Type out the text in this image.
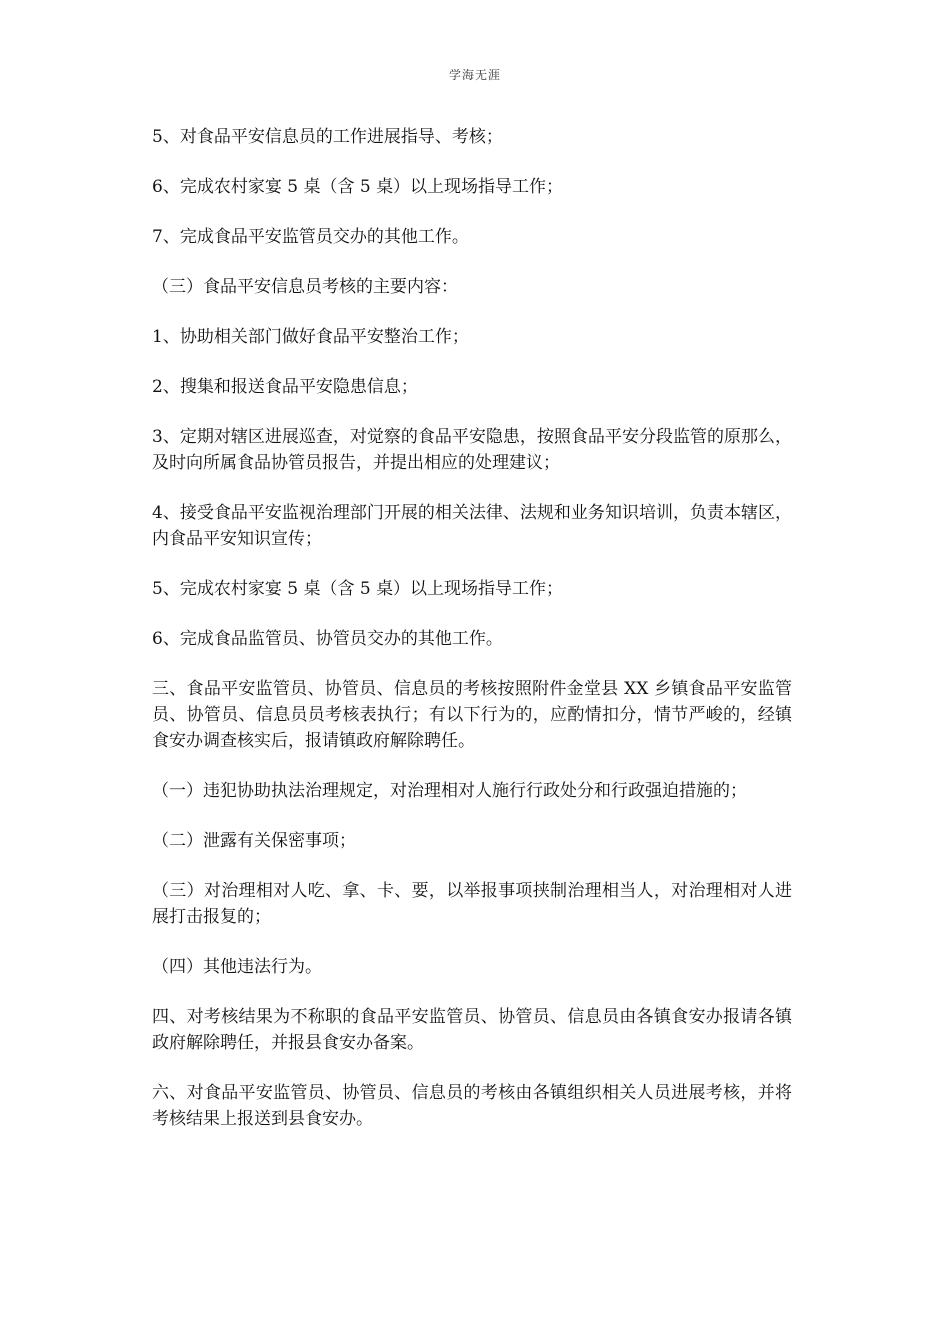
学海无涯

5、对食品平安信息员的工作进展指导、考核；

6、完成农村家宴 5 桌（含 5 桌）以上现场指导工作；

7、完成食品平安监管员交办的其他工作。

（三）食品平安信息员考核的主要内容：

1、协助相关部门做好食品平安整治工作；

2、搜集和报送食品平安隐患信息；

3、定期对辖区进展巡查，对觉察的食品平安隐患，按照食品平安分段监管的原那么，及时向所属食品协管员报告，并提出相应的处理建议；

4、接受食品平安监视治理部门开展的相关法律、法规和业务知识培训，负责本辖区，内食品平安知识宣传；

5、完成农村家宴 5 桌（含 5 桌）以上现场指导工作；

6、完成食品监管员、协管员交办的其他工作。

三、食品平安监管员、协管员、信息员的考核按照附件金堂县 XX 乡镇食品平安监管员、协管员、信息员员考核表执行；有以下行为的，应酌情扣分，情节严峻的，经镇食安办调查核实后，报请镇政府解除聘任。

（一）违犯协助执法治理规定，对治理相对人施行行政处分和行政强迫措施的；

（二）泄露有关保密事项；

（三）对治理相对人吃、拿、卡、要，以举报事项挟制治理相当人，对治理相对人进展打击报复的；

（四）其他违法行为。

四、对考核结果为不称职的食品平安监管员、协管员、信息员由各镇食安办报请各镇政府解除聘任，并报县食安办备案。

六、对食品平安监管员、协管员、信息员的考核由各镇组织相关人员进展考核，并将考核结果上报送到县食安办。
